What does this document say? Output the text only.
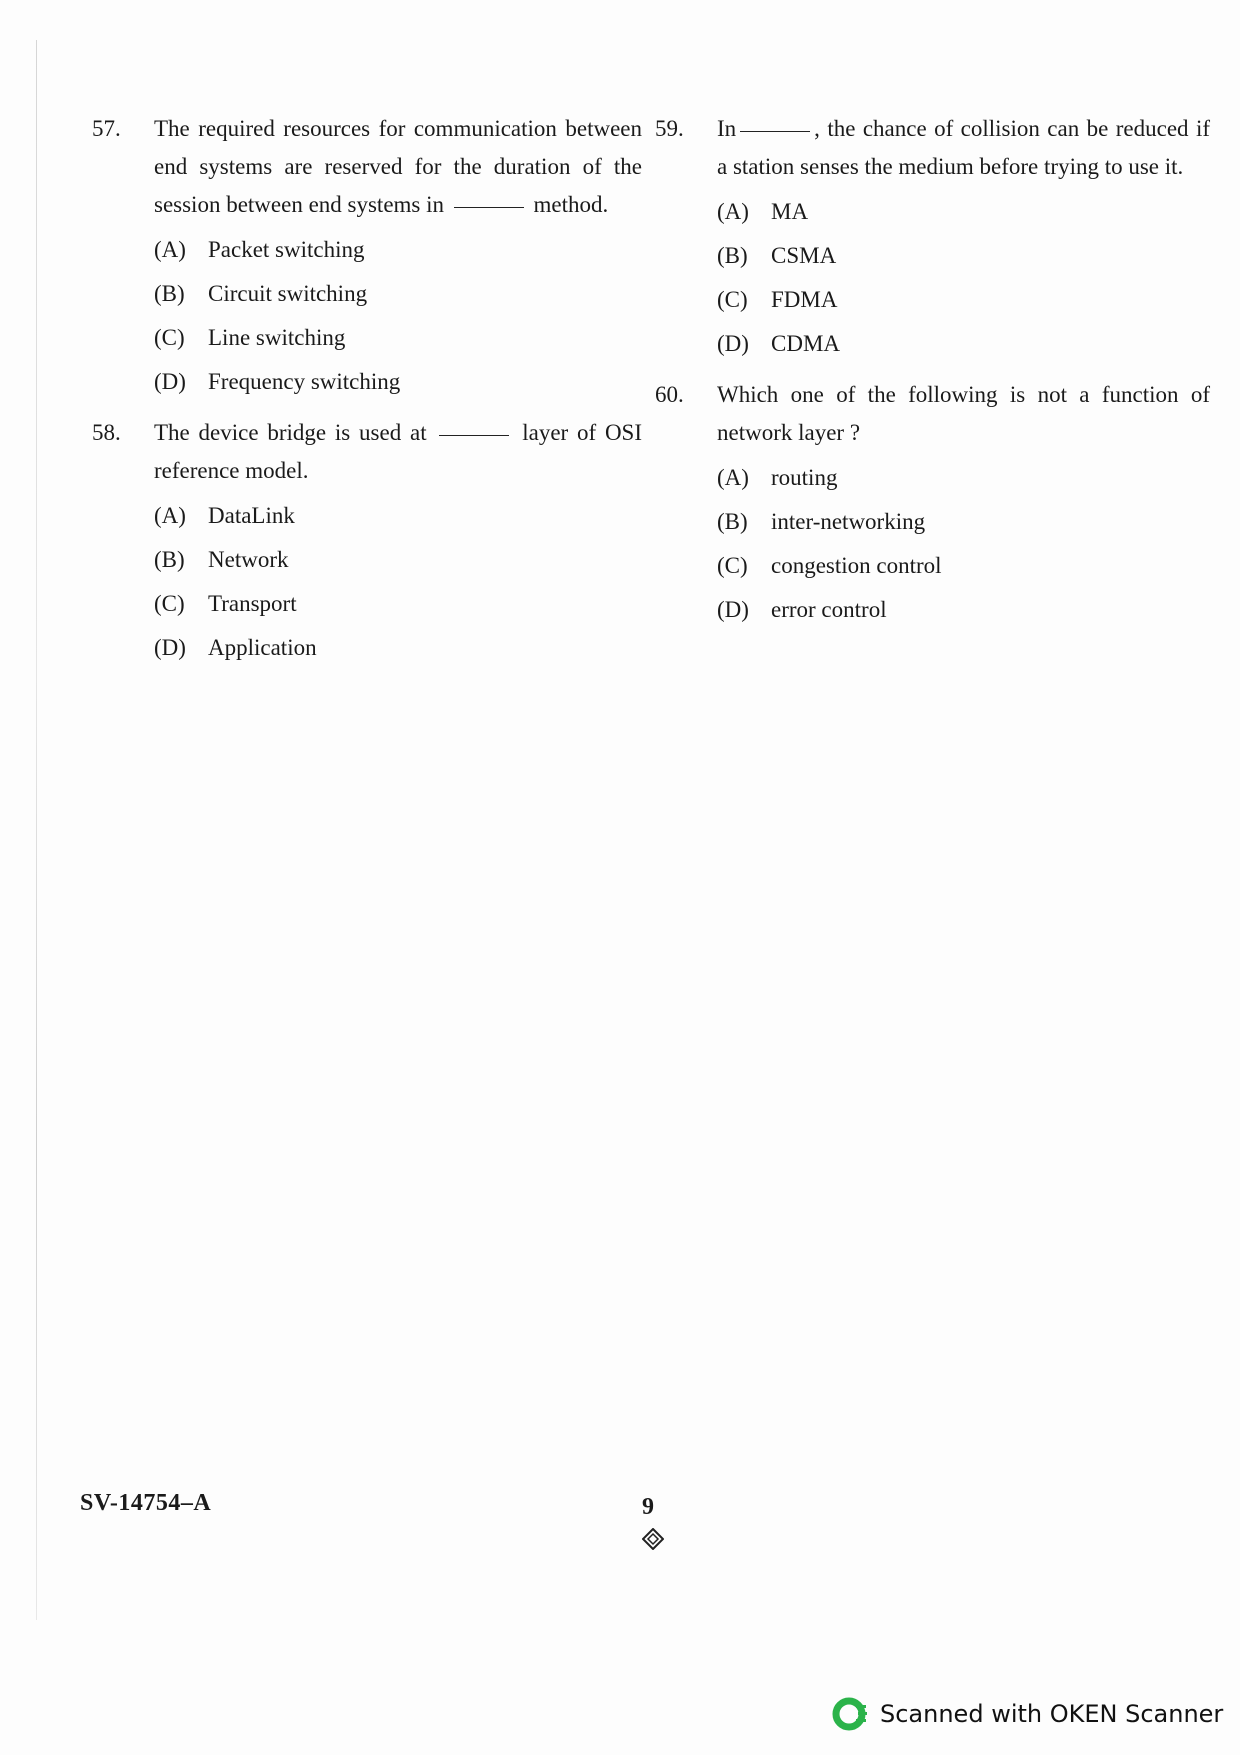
57. The required resources for communication between end systems are reserved for the duration of the session between end systems in	method.
(A) Packet switching
(B)	Circuit switching
(C)	Line switching
(D) Frequency switching
58. The device bridge is used at	layer of OSI reference model.
(A) DataLink
(B)	Network
(C)	Transport
(D) Application
59. In	, the chance of collision can be reduced if a station senses the medium before trying to use it.
(A) MA
(B)	CSMA
(C)	FDMA
(D) CDMA
60. Which one of the following is not a function of network layer ?
(A) routing
(B)	inter-networking
(C)	congestion control
(D) error control
SV-14754–A	9
Scanned with OKEN Scanner
